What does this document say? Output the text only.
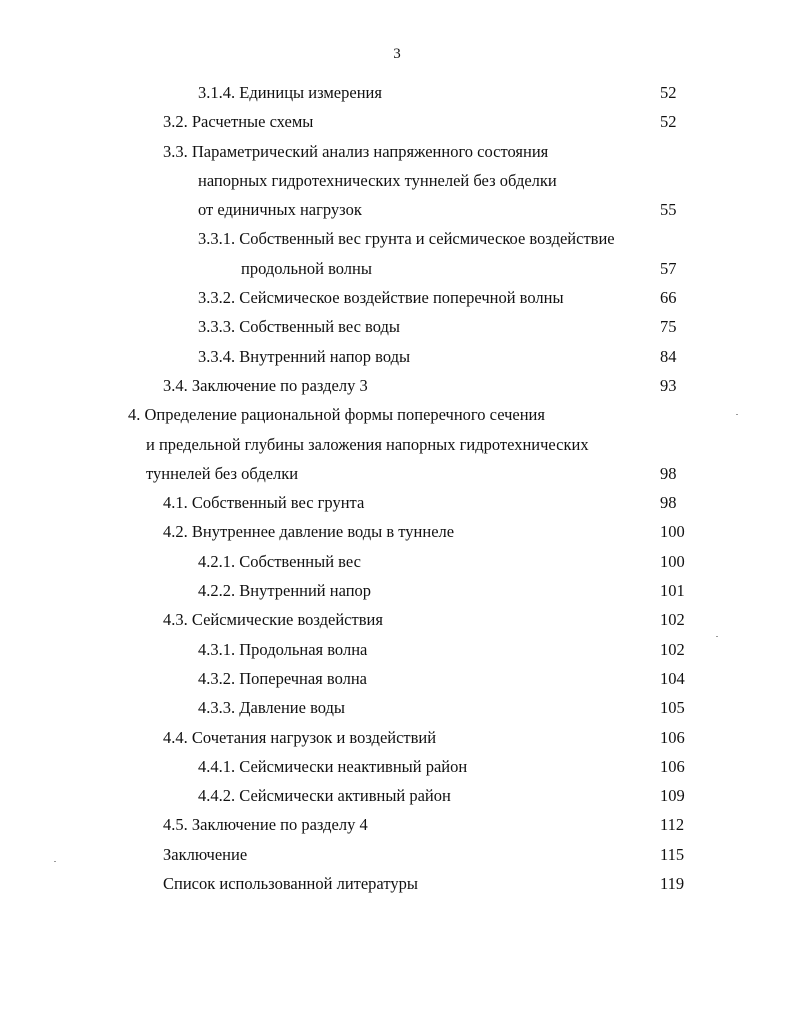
3
3.1.4. Единицы измерения	52
3.2. Расчетные схемы	52
3.3. Параметрический анализ напряженного состояния
напорных гидротехнических туннелей без обделки
от единичных нагрузок	55
3.3.1. Собственный вес грунта и сейсмическое воздействие
продольной волны	57
3.3.2. Сейсмическое воздействие поперечной волны	66
3.3.3. Собственный вес воды	75
3.3.4. Внутренний напор воды	84
3.4. Заключение по разделу 3	93
4. Определение рациональной формы поперечного сечения
и предельной глубины заложения напорных гидротехнических
туннелей без обделки	98
4.1. Собственный вес грунта	98
4.2. Внутреннее давление воды в туннеле	100
4.2.1. Собственный вес	100
4.2.2. Внутренний напор	101
4.3. Сейсмические воздействия	102
4.3.1. Продольная волна	102
4.3.2. Поперечная волна	104
4.3.3. Давление воды	105
4.4. Сочетания нагрузок и воздействий	106
4.4.1. Сейсмически неактивный район	106
4.4.2. Сейсмически активный район	109
4.5. Заключение по разделу 4	112
Заключение	115
Список использованной литературы	119
